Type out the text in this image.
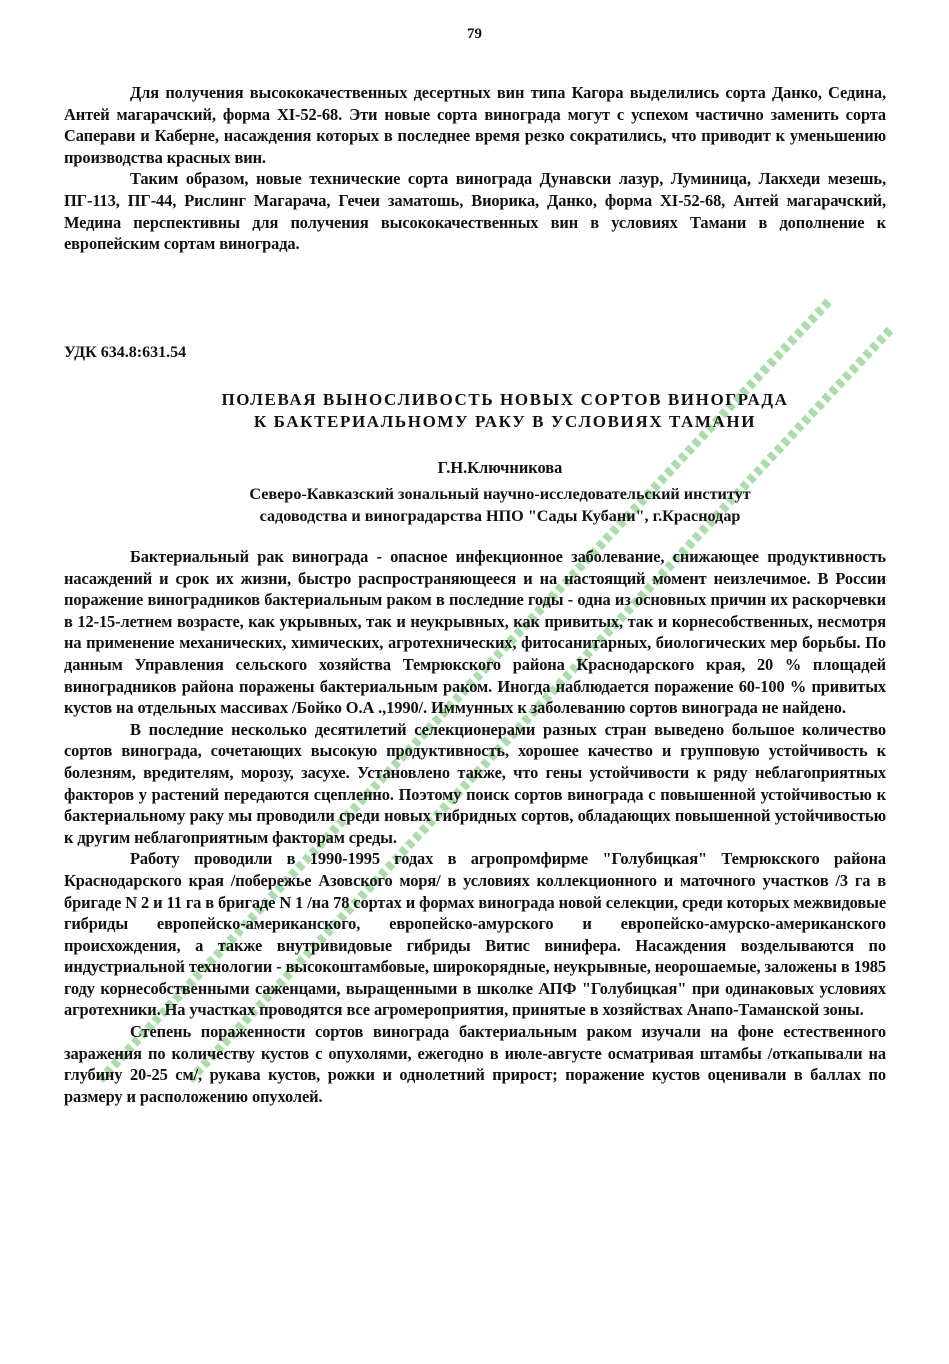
79

Для получения высококачественных десертных вин типа Кагора выделились сорта Данко, Седина, Антей магарачский, форма XI-52-68. Эти новые сорта винограда могут с успехом частично заменить сорта Саперави и Каберне, насаждения которых в последнее время резко сократились, что приводит к уменьшению производства красных вин.

Таким образом, новые технические сорта винограда Дунавски лазур, Луминица, Лакхеди мезешь, ПГ-113, ПГ-44, Рислинг Магарача, Гечеи заматошь, Виорика, Данко, форма XI-52-68, Антей магарачский, Медина перспективны для получения высококачественных вин в условиях Тамани в дополнение к европейским сортам винограда.

УДК 634.8:631.54
ПОЛЕВАЯ ВЫНОСЛИВОСТЬ НОВЫХ СОРТОВ ВИНОГРАДА
К БАКТЕРИАЛЬНОМУ РАКУ В УСЛОВИЯХ ТАМАНИ
Г.Н.Ключникова
Северо-Кавказский зональный научно-исследовательский институт
садоводства и виноградарства НПО "Сады Кубани", г.Краснодар

Бактериальный рак винограда - опасное инфекционное заболевание, снижающее продуктивность насаждений и срок их жизни, быстро распространяющееся и на настоящий момент неизлечимое. В России поражение виноградников бактериальным раком в последние годы - одна из основных причин их раскорчевки в 12-15-летнем возрасте, как укрывных, так и неукрывных, как привитых, так и корнесобственных, несмотря на применение механических, химических, агротехнических, фитосанитарных, биологических мер борьбы. По данным Управления сельского хозяйства Темрюкского района Краснодарского края, 20 % площадей виноградников района поражены бактериальным раком. Иногда наблюдается поражение 60-100 % привитых кустов на отдельных массивах /Бойко О.А .,1990/. Иммунных к заболеванию сортов винограда не найдено.

В последние несколько десятилетий селекционерами разных стран выведено большое количество сортов винограда, сочетающих высокую продуктивность, хорошее качество и групповую устойчивость к болезням, вредителям, морозу, засухе. Установлено также, что гены устойчивости к ряду неблагоприятных факторов у растений передаются сцепленно. Поэтому поиск сортов винограда с повышенной устойчивостью к бактериальному раку мы проводили среди новых гибридных сортов, обладающих повышенной устойчивостью к другим неблагоприятным факторам среды.

Работу проводили в 1990-1995 годах в агропромфирме "Голубицкая" Темрюкского района Краснодарского края /побережье Азовского моря/ в условиях коллекционного и маточного участков /3 га в бригаде N 2 и 11 га в бригаде N 1 /на 78 сортах и формах винограда новой селекции, среди которых межвидовые гибриды европейско-американского, европейско-амурского и европейско-амурско-американского происхождения, а также внутривидовые гибриды Витис винифера. Насаждения возделываются по индустриальной технологии - высокоштамбовые, широкорядные, неукрывные, неорошаемые, заложены в 1985 году корнесобственными саженцами, выращенными в школке АПФ "Голубицкая" при одинаковых условиях агротехники. На участках проводятся все агромероприятия, принятые в хозяйствах Анапо-Таманской зоны.

Степень пораженности сортов винограда бактериальным раком изучали на фоне естественного заражения по количеству кустов с опухолями, ежегодно в июле-августе осматривая штамбы /откапывали на глубину 20-25 см/, рукава кустов, рожки и однолетний прирост; поражение кустов оценивали в баллах по размеру и расположению опухолей.
